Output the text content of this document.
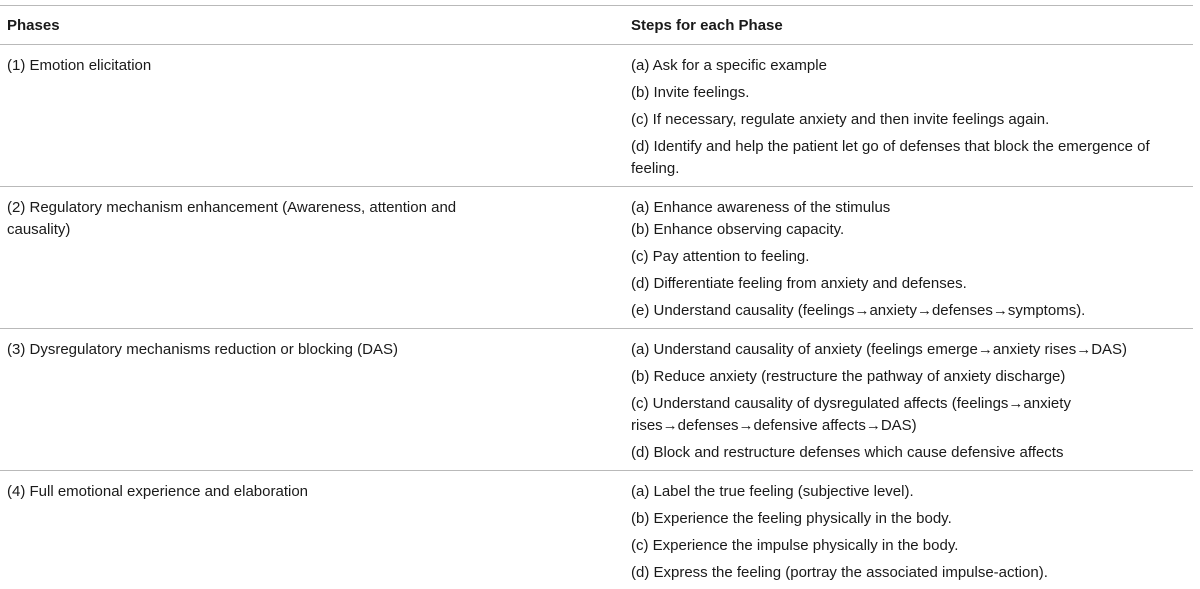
Phases	Steps for each Phase
(1) Emotion elicitation	(a) Ask for a specific example
(b) Invite feelings.
(c) If necessary, regulate anxiety and then invite feelings again.
(d) Identify and help the patient let go of defenses that block the emergence of feeling.

(2) Regulatory mechanism enhancement (Awareness, attention and causality)	(a) Enhance awareness of the stimulus
(b) Enhance observing capacity.
(c) Pay attention to feeling.
(d) Differentiate feeling from anxiety and defenses.
(e) Understand causality (feelings→anxiety→defenses→symptoms).

(3) Dysregulatory mechanisms reduction or blocking (DAS)	(a) Understand causality of anxiety (feelings emerge→anxiety rises→DAS)
(b) Reduce anxiety (restructure the pathway of anxiety discharge)
(c) Understand causality of dysregulated affects (feelings→anxiety rises→defenses→defensive affects→DAS)
(d) Block and restructure defenses which cause defensive affects

(4) Full emotional experience and elaboration	(a) Label the true feeling (subjective level).
(b) Experience the feeling physically in the body.
(c) Experience the impulse physically in the body.
(d) Express the feeling (portray the associated impulse-action).
